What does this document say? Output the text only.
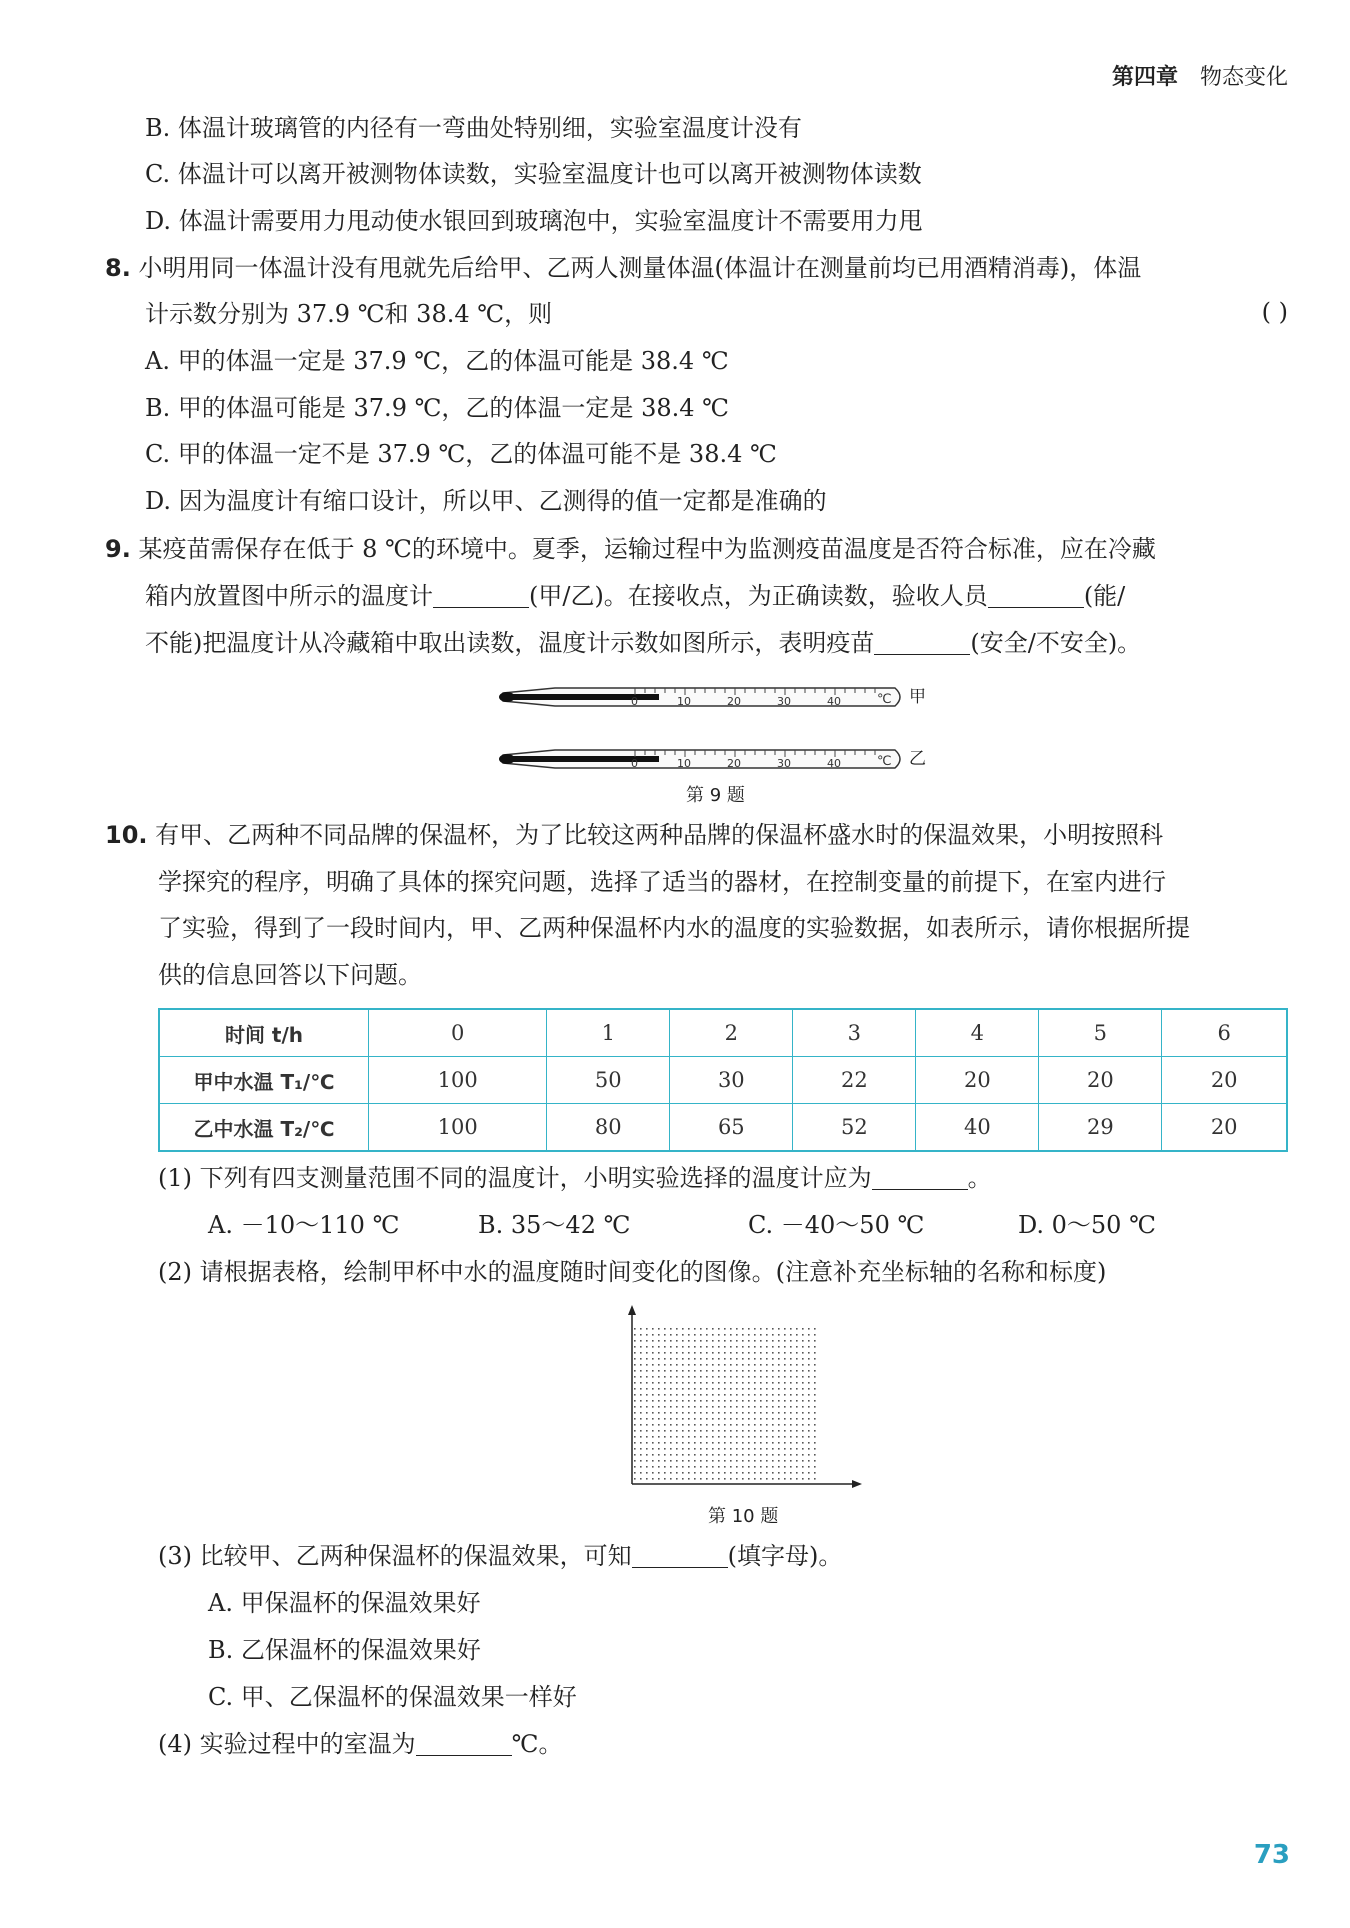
第四章 物态变化
B. 体温计玻璃管的内径有一弯曲处特别细，实验室温度计没有
C. 体温计可以离开被测物体读数，实验室温度计也可以离开被测物体读数
D. 体温计需要用力甩动使水银回到玻璃泡中，实验室温度计不需要用力甩
8. 小明用同一体温计没有甩就先后给甲、乙两人测量体温(体温计在测量前均已用酒精消毒)，体温
计示数分别为 37.9 ℃和 38.4 ℃，则	( )
A. 甲的体温一定是 37.9 ℃，乙的体温可能是 38.4 ℃
B. 甲的体温可能是 37.9 ℃，乙的体温一定是 38.4 ℃
C. 甲的体温一定不是 37.9 ℃，乙的体温可能不是 38.4 ℃
D. 因为温度计有缩口设计，所以甲、乙测得的值一定都是准确的
9. 某疫苗需保存在低于 8 ℃的环境中。夏季，运输过程中为监测疫苗温度是否符合标准，应在冷藏
箱内放置图中所示的温度计	(甲/乙)。在接收点，为正确读数，验收人员	(能/
不能)把温度计从冷藏箱中取出读数，温度计示数如图所示，表明疫苗	(安全/不安全)。
0	10	20	30	40	℃ 甲
0	10	20	30	40	℃ 乙
第 9 题
10. 有甲、乙两种不同品牌的保温杯，为了比较这两种品牌的保温杯盛水时的保温效果，小明按照科
学探究的程序，明确了具体的探究问题，选择了适当的器材，在控制变量的前提下，在室内进行
了实验，得到了一段时间内，甲、乙两种保温杯内水的温度的实验数据，如表所示，请你根据所提
供的信息回答以下问题。
时间 t/h	0	1	2	3	4	5	6
甲中水温 T₁/℃	100	50	30	22	20	20	20
乙中水温 T₂/℃	100	80	65	52	40	29	20
(1) 下列有四支测量范围不同的温度计，小明实验选择的温度计应为	。
A. －10～110 ℃	B. 35～42 ℃	C. －40～50 ℃	D. 0～50 ℃
(2) 请根据表格，绘制甲杯中水的温度随时间变化的图像。(注意补充坐标轴的名称和标度)
第 10 题
(3) 比较甲、乙两种保温杯的保温效果，可知	(填字母)。
A. 甲保温杯的保温效果好
B. 乙保温杯的保温效果好
C. 甲、乙保温杯的保温效果一样好
(4) 实验过程中的室温为	℃。
73
